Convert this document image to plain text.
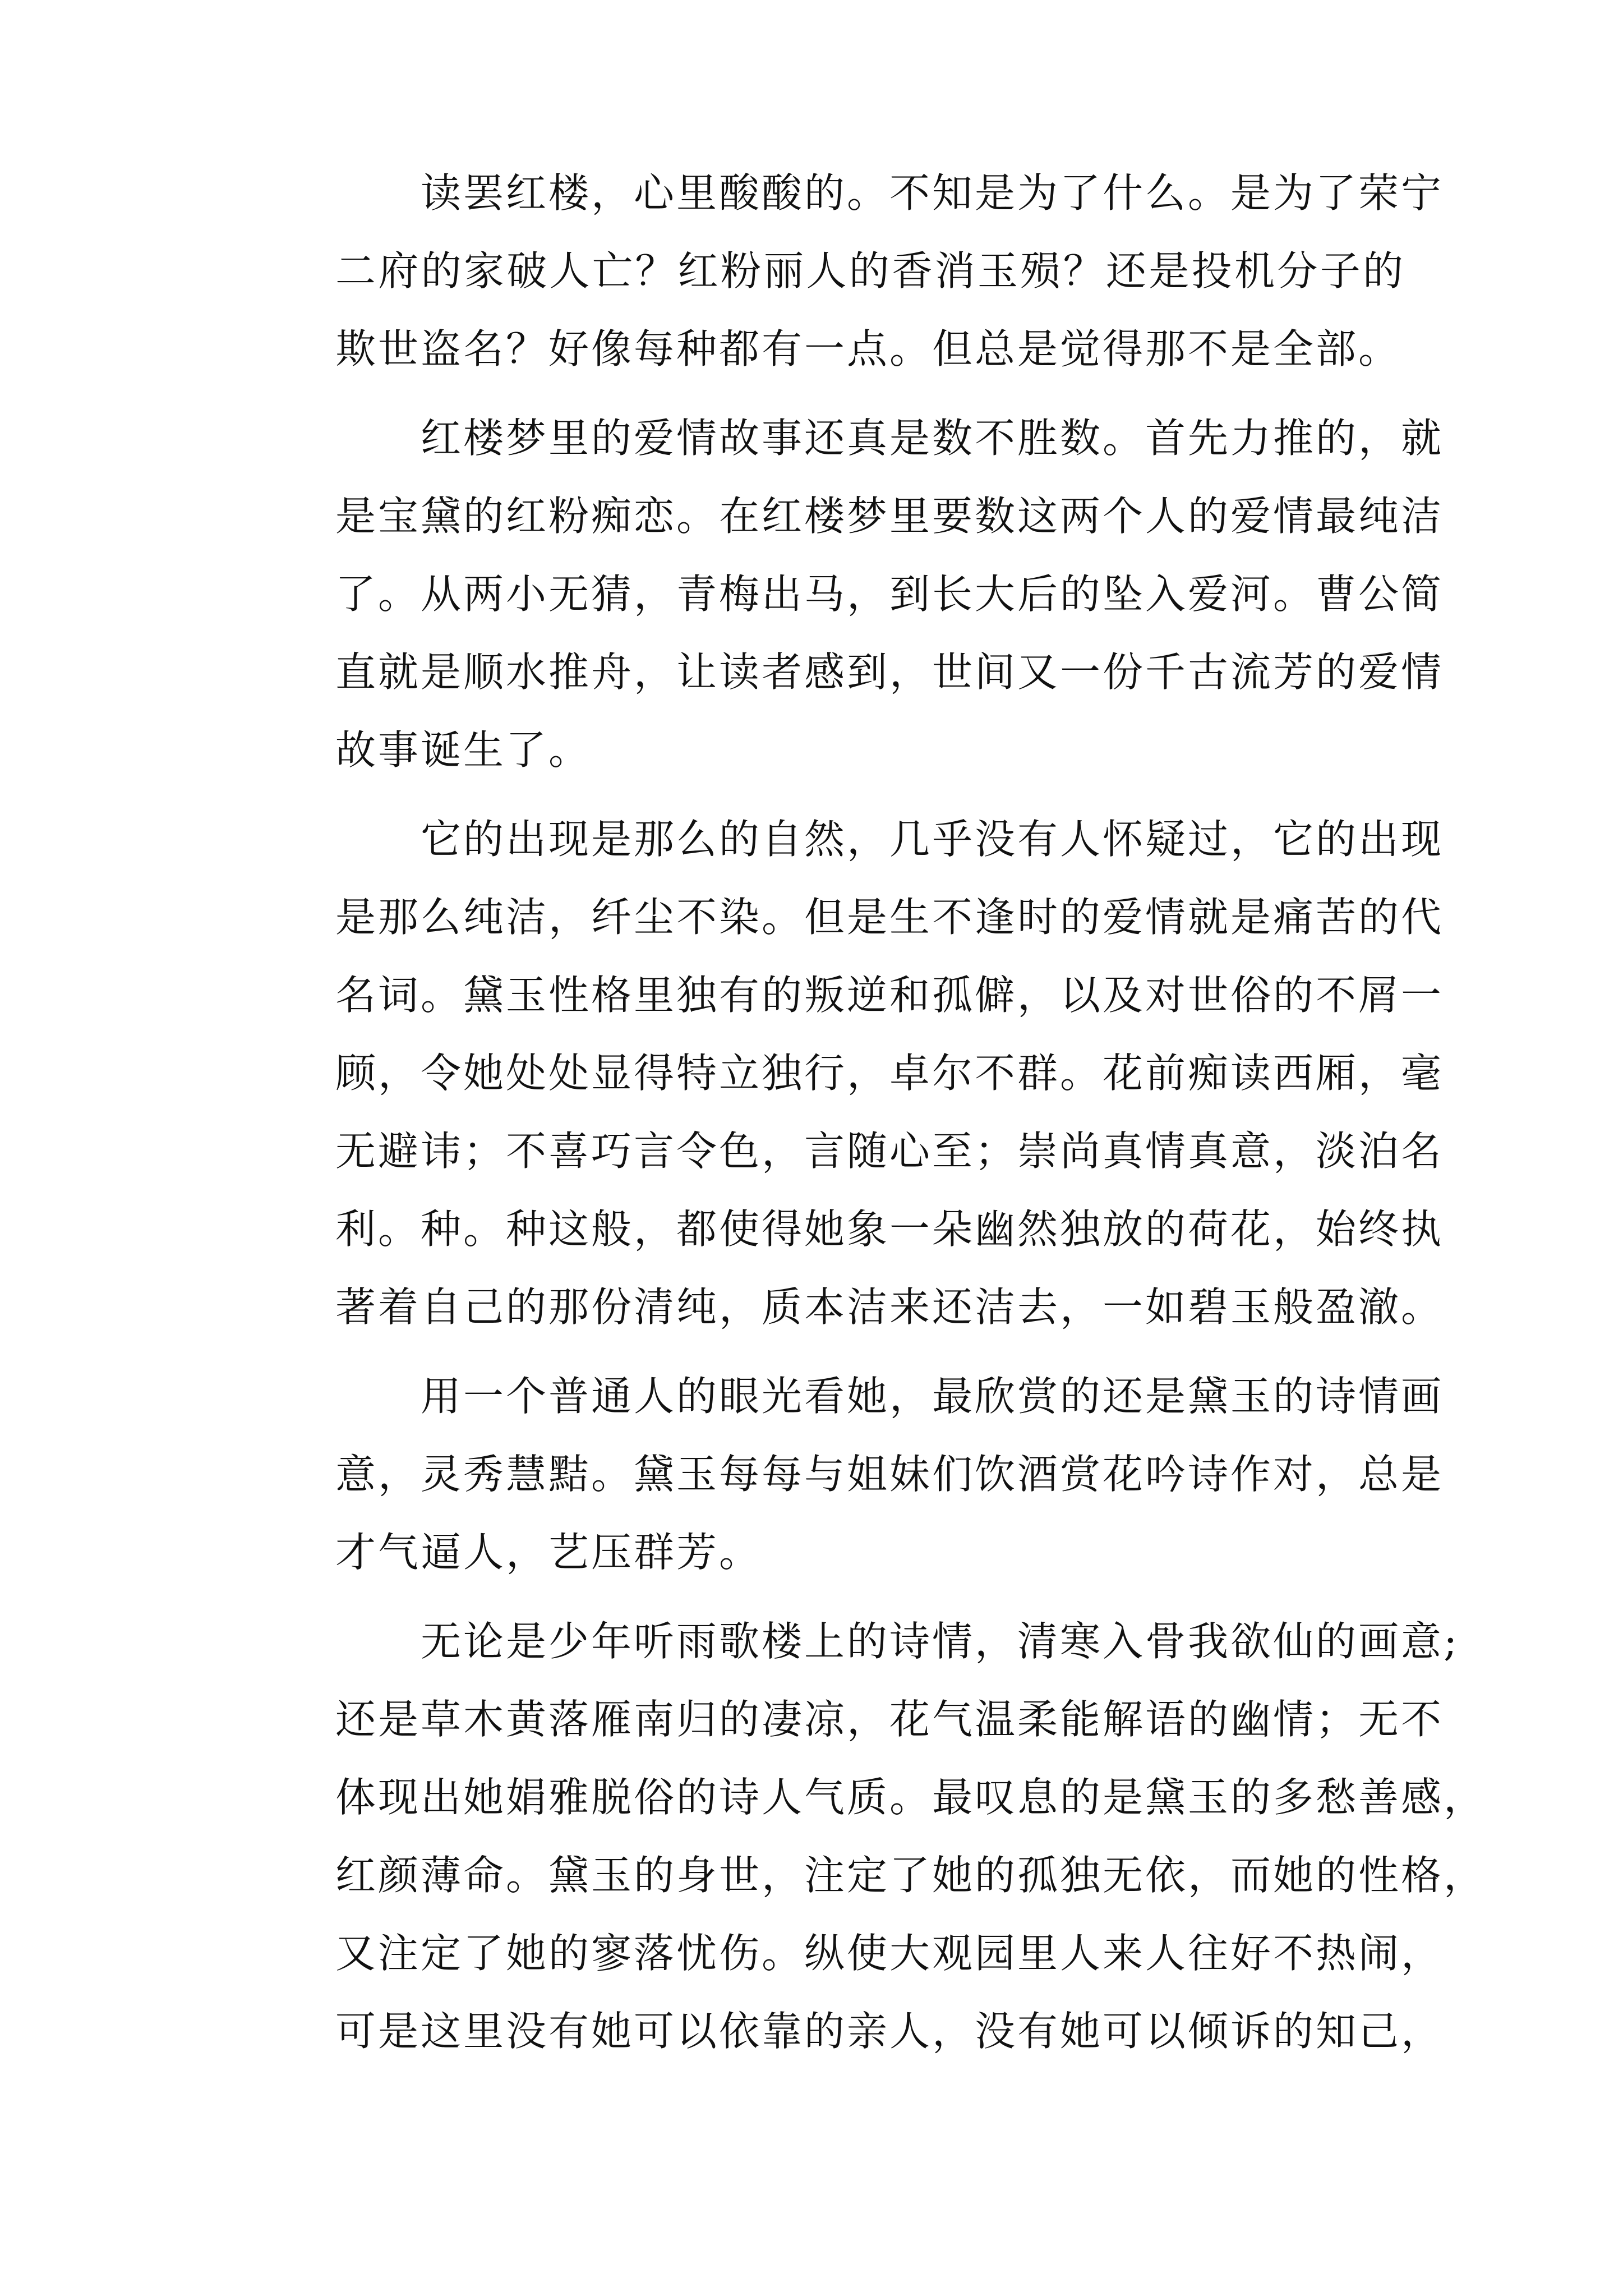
读罢红楼，心里酸酸的。不知是为了什么。是为了荣宁
二府的家破人亡？红粉丽人的香消玉殒？还是投机分子的
欺世盗名？好像每种都有一点。但总是觉得那不是全部。

红楼梦里的爱情故事还真是数不胜数。首先力推的，就
是宝黛的红粉痴恋。在红楼梦里要数这两个人的爱情最纯洁
了。从两小无猜，青梅出马，到长大后的坠入爱河。曹公简
直就是顺水推舟，让读者感到，世间又一份千古流芳的爱情
故事诞生了。

它的出现是那么的自然，几乎没有人怀疑过，它的出现
是那么纯洁，纤尘不染。但是生不逢时的爱情就是痛苦的代
名词。黛玉性格里独有的叛逆和孤僻，以及对世俗的不屑一
顾，令她处处显得特立独行，卓尔不群。花前痴读西厢，毫
无避讳；不喜巧言令色，言随心至；崇尚真情真意，淡泊名
利。种。种这般，都使得她象一朵幽然独放的荷花，始终执
著着自己的那份清纯，质本洁来还洁去，一如碧玉般盈澈。

用一个普通人的眼光看她，最欣赏的还是黛玉的诗情画
意，灵秀慧黠。黛玉每每与姐妹们饮酒赏花吟诗作对，总是
才气逼人，艺压群芳。

无论是少年听雨歌楼上的诗情，清寒入骨我欲仙的画意;
还是草木黄落雁南归的凄凉，花气温柔能解语的幽情；无不
体现出她娟雅脱俗的诗人气质。最叹息的是黛玉的多愁善感，
红颜薄命。黛玉的身世，注定了她的孤独无依，而她的性格，
又注定了她的寥落忧伤。纵使大观园里人来人往好不热闹，
可是这里没有她可以依靠的亲人，没有她可以倾诉的知己，
